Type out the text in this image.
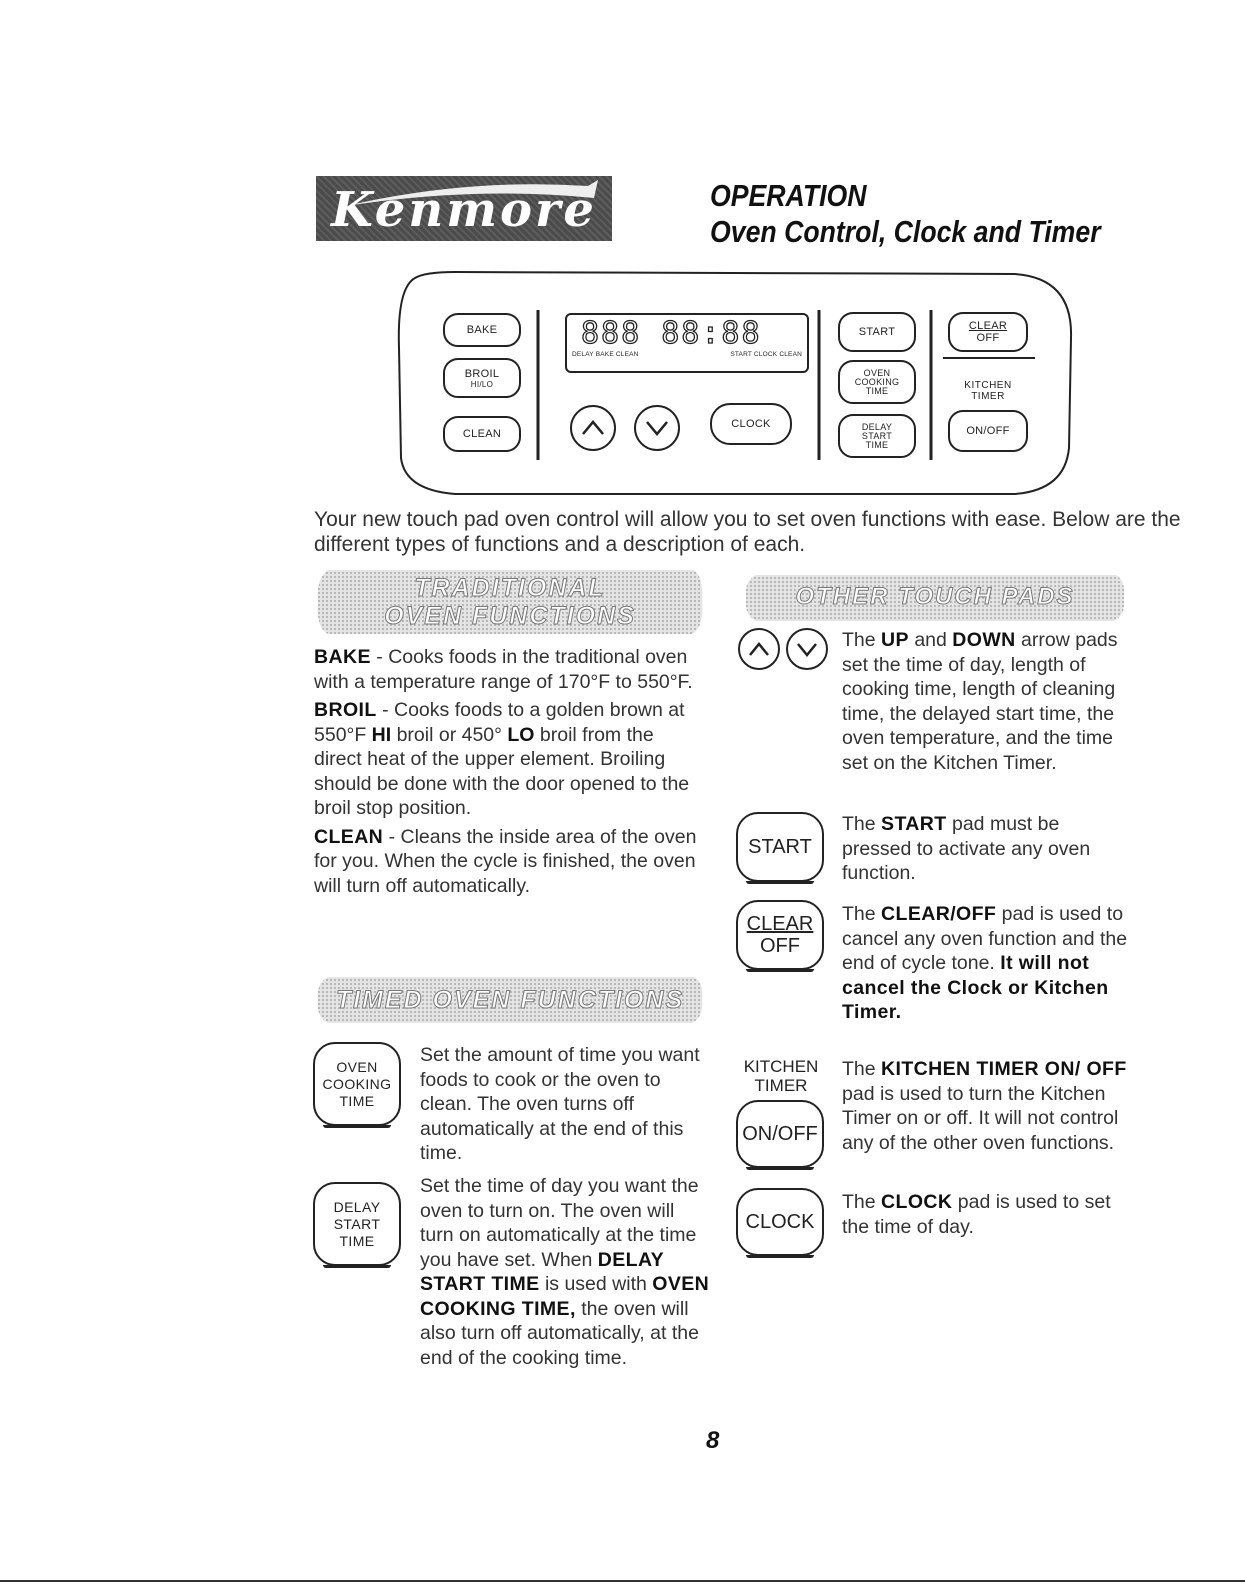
Kenmore	OPERATION
Oven Control, Clock and Timer
BAKE
BROIL
HI/LO
CLEAN
888 88:88
DELAY BAKE CLEAN	START CLOCK CLEAN
CLOCK
START
OVEN
COOKING
TIME
DELAY
START
TIME
CLEAR
OFF
KITCHEN
TIMER
ON/OFF
Your new touch pad oven control will allow you to set oven functions with ease. Below are the different types of functions and a description of each.
TRADITIONAL
OVEN FUNCTIONS

BAKE - Cooks foods in the traditional oven with a temperature range of 170°F to 550°F.

BROIL - Cooks foods to a golden brown at 550°F HI broil or 450° LO broil from the direct heat of the upper element. Broiling should be done with the door opened to the broil stop position.

CLEAN - Cleans the inside area of the oven for you. When the cycle is finished, the oven will turn off automatically.

TIMED OVEN FUNCTIONS
OVEN
COOKING
TIME
Set the amount of time you want foods to cook or the oven to clean. The oven turns off automatically at the end of this time.
DELAY
START
TIME
Set the time of day you want the oven to turn on. The oven will turn on automatically at the time you have set. When DELAY START TIME is used with OVEN COOKING TIME, the oven will also turn off automatically, at the end of the cooking time.
OTHER TOUCH PADS
The UP and DOWN arrow pads set the time of day, length of cooking time, length of cleaning time, the delayed start time, the oven temperature, and the time set on the Kitchen Timer.
START
The START pad must be pressed to activate any oven function.
CLEAR
OFF
The CLEAR/OFF pad is used to cancel any oven function and the end of cycle tone. It will not cancel the Clock or Kitchen Timer.
KITCHEN
TIMER
ON/OFF
The KITCHEN TIMER ON/ OFF pad is used to turn the Kitchen Timer on or off. It will not control any of the other oven functions.
CLOCK
The CLOCK pad is used to set the time of day.
8
